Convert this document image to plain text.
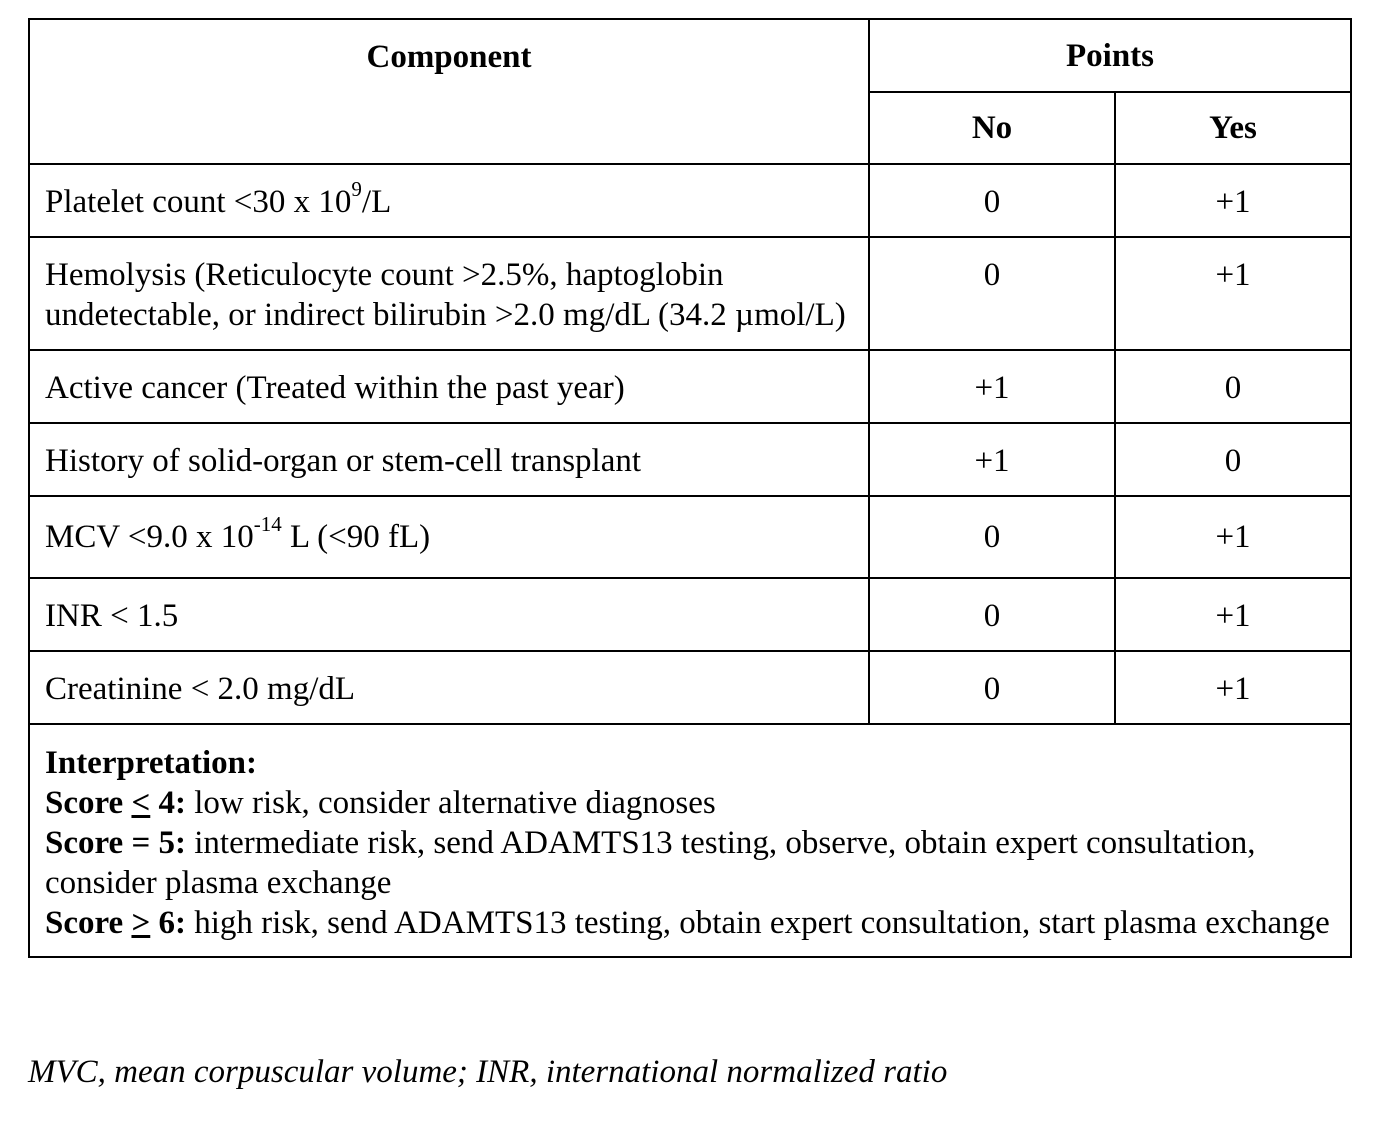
Component	Points	
	No	Yes
Platelet count <30 x $10^9/L$	0	+1
Hemolysis (Reticulocyte count >2.5%, haptoglobin undetectable, or indirect bilirubin >2.0 mg/dL (34.2 µmol/L)	0	+1
Active cancer (Treated within the past year)	+1	0
History of solid-organ or stem-cell transplant	+1	0
MCV <9.0 x $10^{-14}$ L (<90 fL)	0	+1
INR < 1.5	0	+1
Creatinine < 2.0 mg/dL	0	+1

Interpretation:
Score < 4: low risk, consider alternative diagnoses
Score = 5: intermediate risk, send ADAMTS13 testing, observe, obtain expert consultation, consider plasma exchange
Score > 6: high risk, send ADAMTS13 testing, obtain expert consultation, start plasma exchange		
MVC, mean corpuscular volume; INR, international normalized ratio
